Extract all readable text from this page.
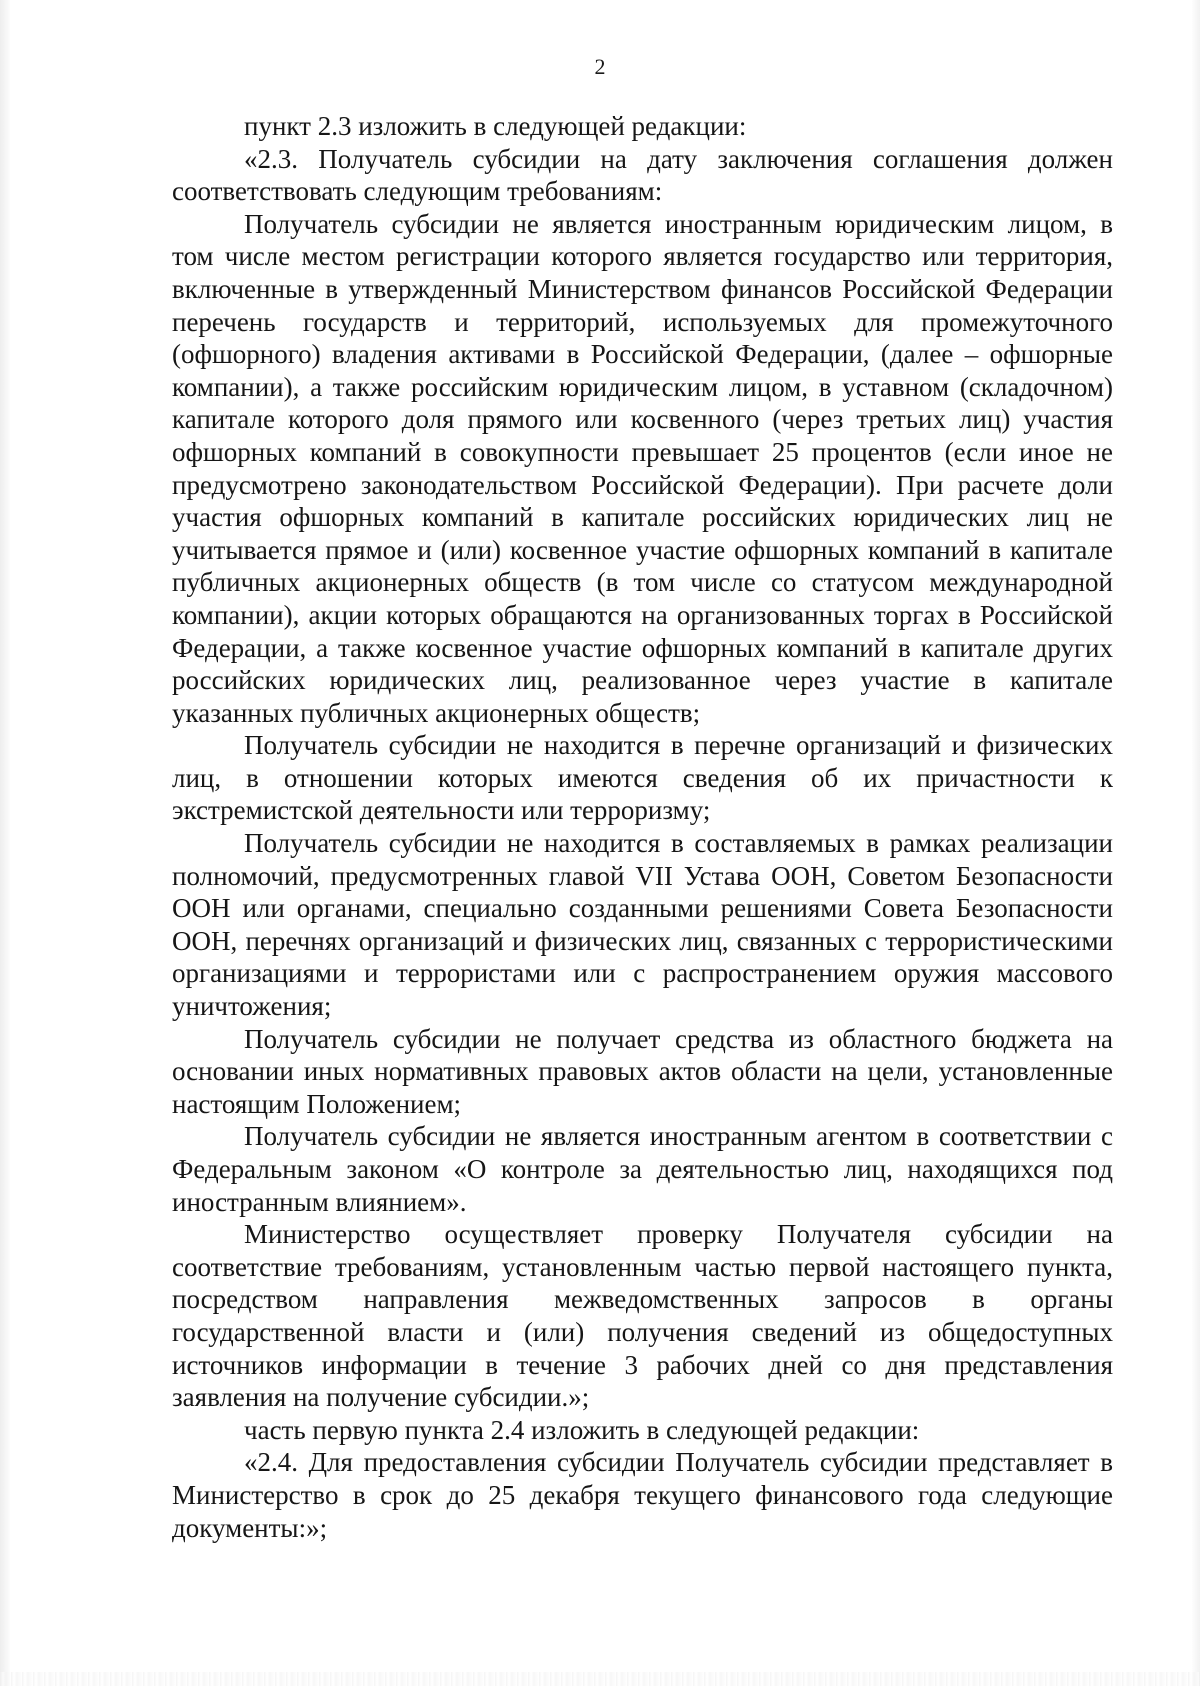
2

пункт 2.3 изложить в следующей редакции:

«2.3. Получатель субсидии на дату заключения соглашения должен соответствовать следующим требованиям:

Получатель субсидии не является иностранным юридическим лицом, в том числе местом регистрации которого является государство или территория, включенные в утвержденный Министерством финансов Российской Федерации перечень государств и территорий, используемых для промежуточного (офшорного) владения активами в Российской Федерации, (далее – офшорные компании), а также российским юридическим лицом, в уставном (складочном) капитале которого доля прямого или косвенного (через третьих лиц) участия офшорных компаний в совокупности превышает 25 процентов (если иное не предусмотрено законодательством Российской Федерации). При расчете доли участия офшорных компаний в капитале российских юридических лиц не учитывается прямое и (или) косвенное участие офшорных компаний в капитале публичных акционерных обществ (в том числе со статусом международной компании), акции которых обращаются на организованных торгах в Российской Федерации, а также косвенное участие офшорных компаний в капитале других российских юридических лиц, реализованное через участие в капитале указанных публичных акционерных обществ;

Получатель субсидии не находится в перечне организаций и физических лиц, в отношении которых имеются сведения об их причастности к экстремистской деятельности или терроризму;

Получатель субсидии не находится в составляемых в рамках реализации полномочий, предусмотренных главой VII Устава ООН, Советом Безопасности ООН или органами, специально созданными решениями Совета Безопасности ООН, перечнях организаций и физических лиц, связанных с террористическими организациями и террористами или с распространением оружия массового уничтожения;

Получатель субсидии не получает средства из областного бюджета на основании иных нормативных правовых актов области на цели, установленные настоящим Положением;

Получатель субсидии не является иностранным агентом в соответствии с Федеральным законом «О контроле за деятельностью лиц, находящихся под иностранным влиянием».

Министерство осуществляет проверку Получателя субсидии на соответствие требованиям, установленным частью первой настоящего пункта, посредством направления межведомственных запросов в органы государственной власти и (или) получения сведений из общедоступных источников информации в течение 3 рабочих дней со дня представления заявления на получение субсидии.»;

часть первую пункта 2.4 изложить в следующей редакции:

«2.4. Для предоставления субсидии Получатель субсидии представляет в Министерство в срок до 25 декабря текущего финансового года следующие документы:»;
